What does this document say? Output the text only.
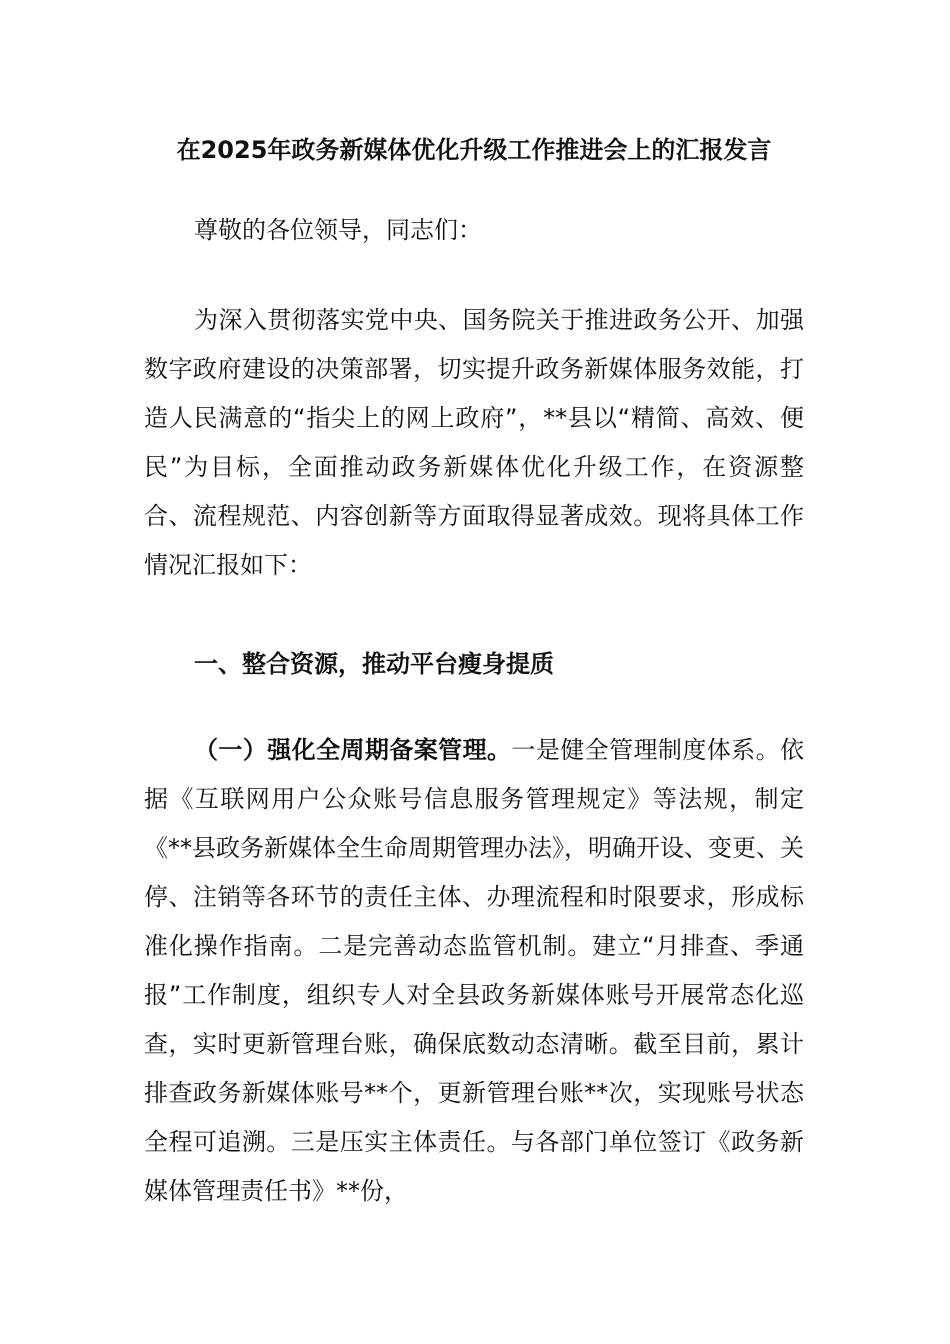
在2025年政务新媒体优化升级工作推进会上的汇报发言

尊敬的各位领导，同志们：

为深入贯彻落实党中央、国务院关于推进政务公开、加强数字政府建设的决策部署，切实提升政务新媒体服务效能，打造人民满意的“指尖上的网上政府”，**县以“精简、高效、便民”为目标，全面推动政务新媒体优化升级工作，在资源整合、流程规范、内容创新等方面取得显著成效。现将具体工作情况汇报如下：

一、整合资源，推动平台瘦身提质

（一）强化全周期备案管理。一是健全管理制度体系。依据《互联网用户公众账号信息服务管理规定》等法规，制定《**县政务新媒体全生命周期管理办法》，明确开设、变更、关停、注销等各环节的责任主体、办理流程和时限要求，形成标准化操作指南。二是完善动态监管机制。建立“月排查、季通报”工作制度，组织专人对全县政务新媒体账号开展常态化巡查，实时更新管理台账，确保底数动态清晰。截至目前，累计排查政务新媒体账号**个，更新管理台账**次，实现账号状态全程可追溯。三是压实主体责任。与各部门单位签订《政务新媒体管理责任书》**份，
